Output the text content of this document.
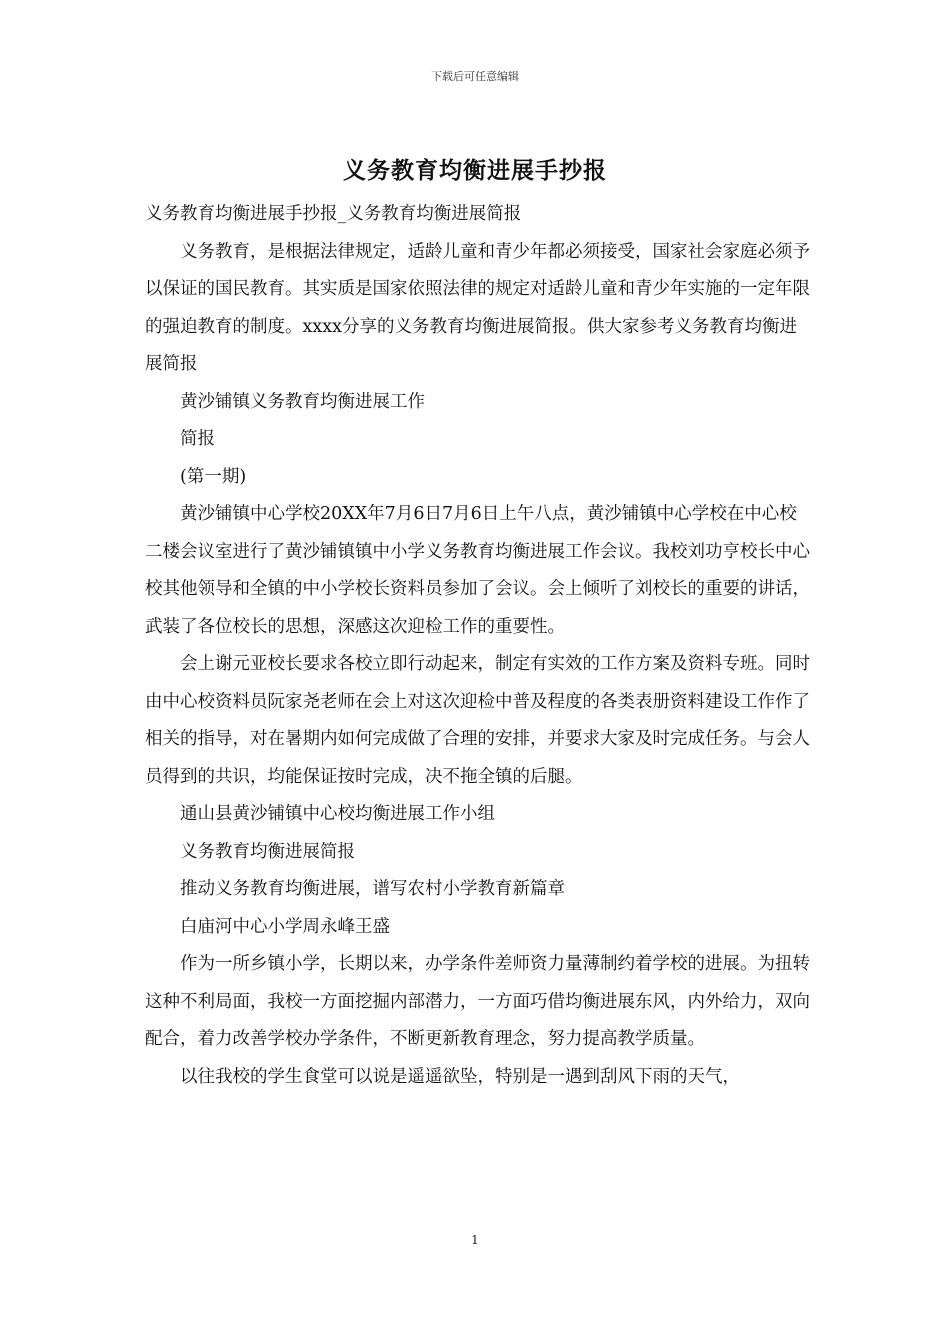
下载后可任意编辑
义务教育均衡进展手抄报

义务教育均衡进展手抄报_义务教育均衡进展简报

义务教育，是根据法律规定，适龄儿童和青少年都必须接受，国家社会家庭必须予以保证的国民教育。其实质是国家依照法律的规定对适龄儿童和青少年实施的一定年限的强迫教育的制度。xxxx分享的义务教育均衡进展简报。供大家参考义务教育均衡进展简报

黄沙铺镇义务教育均衡进展工作

简报

(第一期)

黄沙铺镇中心学校20XX年7月6日7月6日上午八点，黄沙铺镇中心学校在中心校二楼会议室进行了黄沙铺镇镇中小学义务教育均衡进展工作会议。我校刘功亨校长中心校其他领导和全镇的中小学校长资料员参加了会议。会上倾听了刘校长的重要的讲话，武装了各位校长的思想，深感这次迎检工作的重要性。

会上谢元亚校长要求各校立即行动起来，制定有实效的工作方案及资料专班。同时由中心校资料员阮家尧老师在会上对这次迎检中普及程度的各类表册资料建设工作作了相关的指导，对在暑期内如何完成做了合理的安排，并要求大家及时完成任务。与会人员得到的共识，均能保证按时完成，决不拖全镇的后腿。

通山县黄沙铺镇中心校均衡进展工作小组

义务教育均衡进展简报

推动义务教育均衡进展，谱写农村小学教育新篇章

白庙河中心小学周永峰王盛

作为一所乡镇小学，长期以来，办学条件差师资力量薄制约着学校的进展。为扭转这种不利局面，我校一方面挖掘内部潜力，一方面巧借均衡进展东风，内外给力，双向配合，着力改善学校办学条件，不断更新教育理念，努力提高教学质量。

以往我校的学生食堂可以说是遥遥欲坠，特别是一遇到刮风下雨的天气，

1
